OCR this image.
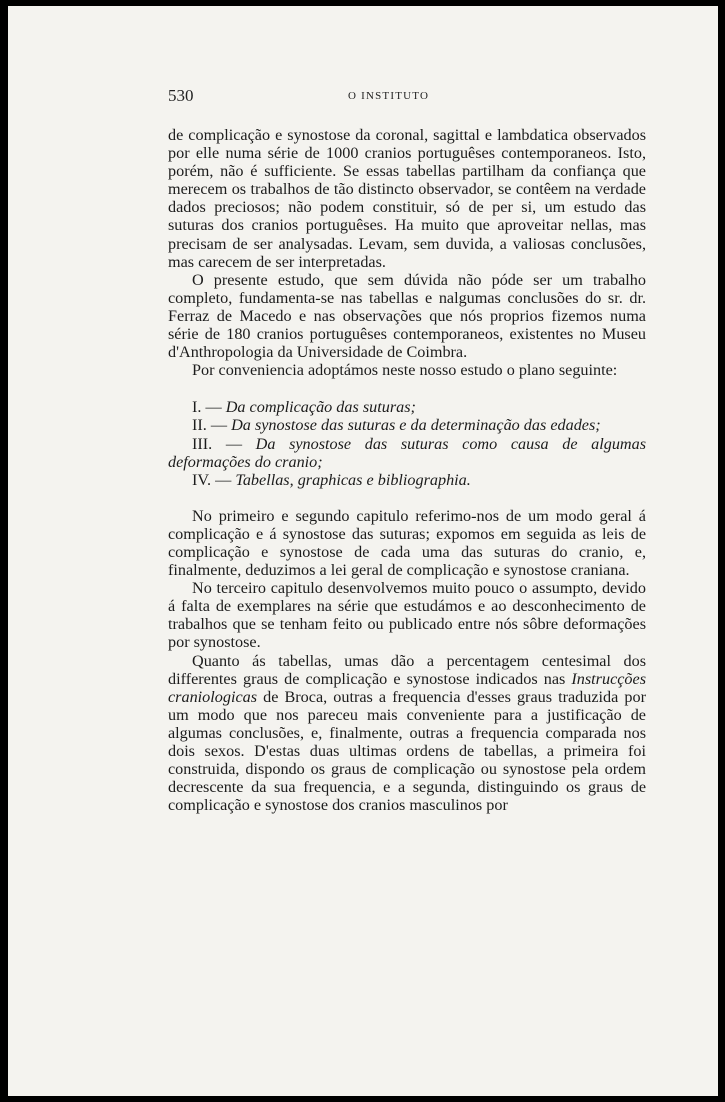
530	O INSTITUTO

de complicação e synostose da coronal, sagittal e lambdatica observados por elle numa série de 1000 cranios portuguêses contemporaneos. Isto, porém, não é sufficiente. Se essas tabellas partilham da confiança que merecem os trabalhos de tão distincto observador, se contêem na verdade dados preciosos; não podem constituir, só de per si, um estudo das suturas dos cranios portuguêses. Ha muito que aproveitar nellas, mas precisam de ser analysadas. Levam, sem duvida, a valiosas conclusões, mas carecem de ser interpretadas.

O presente estudo, que sem dúvida não póde ser um trabalho completo, fundamenta-se nas tabellas e nalgumas conclusões do sr. dr. Ferraz de Macedo e nas observações que nós proprios fizemos numa série de 180 cranios portuguêses contemporaneos, existentes no Museu d'Anthropologia da Universidade de Coimbra.

Por conveniencia adoptámos neste nosso estudo o plano seguinte:

I. — Da complicação das suturas;

II. — Da synostose das suturas e da determinação das edades;

III. — Da synostose das suturas como causa de algumas deformações do cranio;

IV. — Tabellas, graphicas e bibliographia.

No primeiro e segundo capitulo referimo-nos de um modo geral á complicação e á synostose das suturas; expomos em seguida as leis de complicação e synostose de cada uma das suturas do cranio, e, finalmente, deduzimos a lei geral de complicação e synostose craniana.

No terceiro capitulo desenvolvemos muito pouco o assumpto, devido á falta de exemplares na série que estudámos e ao desconhecimento de trabalhos que se tenham feito ou publicado entre nós sôbre deformações por synostose.

Quanto ás tabellas, umas dão a percentagem centesimal dos differentes graus de complicação e synostose indicados nas Instrucções craniologicas de Broca, outras a frequencia d'esses graus traduzida por um modo que nos pareceu mais conveniente para a justificação de algumas conclusões, e, finalmente, outras a frequencia comparada nos dois sexos. D'estas duas ultimas ordens de tabellas, a primeira foi construida, dispondo os graus de complicação ou synostose pela ordem decrescente da sua frequencia, e a segunda, distinguindo os graus de complicação e synostose dos cranios masculinos por
